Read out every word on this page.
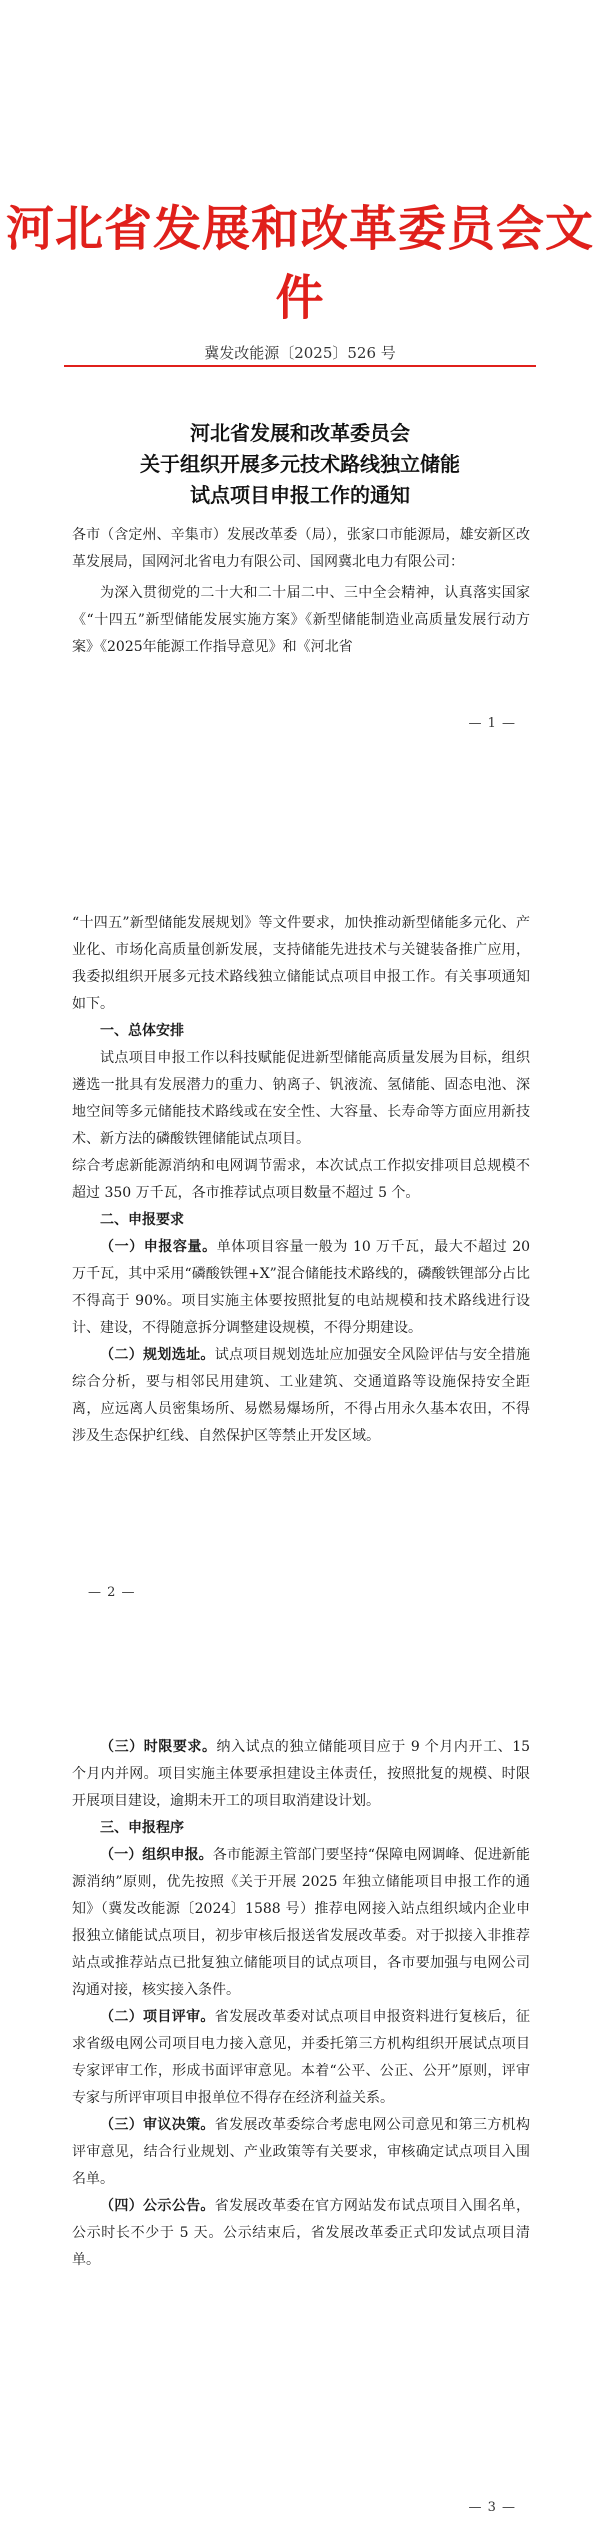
河北省发展和改革委员会文件
冀发改能源〔2025〕526 号
河北省发展和改革委员会
关于组织开展多元技术路线独立储能
试点项目申报工作的通知

各市（含定州、辛集市）发展改革委（局），张家口市能源局，雄安新区改革发展局，国网河北省电力有限公司、国网冀北电力有限公司：

为深入贯彻党的二十大和二十届二中、三中全会精神，认真落实国家《“十四五”新型储能发展实施方案》《新型储能制造业高质量发展行动方案》《2025年能源工作指导意见》和《河北省

— 1 —

“十四五”新型储能发展规划》等文件要求，加快推动新型储能多元化、产业化、市场化高质量创新发展，支持储能先进技术与关键装备推广应用，我委拟组织开展多元技术路线独立储能试点项目申报工作。有关事项通知如下。

一、总体安排

试点项目申报工作以科技赋能促进新型储能高质量发展为目标，组织遴选一批具有发展潜力的重力、钠离子、钒液流、氢储能、固态电池、深地空间等多元储能技术路线或在安全性、大容量、长寿命等方面应用新技术、新方法的磷酸铁锂储能试点项目。

综合考虑新能源消纳和电网调节需求，本次试点工作拟安排项目总规模不超过 350 万千瓦，各市推荐试点项目数量不超过 5 个。

二、申报要求

（一）申报容量。单体项目容量一般为 10 万千瓦，最大不超过 20 万千瓦，其中采用“磷酸铁锂+X”混合储能技术路线的，磷酸铁锂部分占比不得高于 90%。项目实施主体要按照批复的电站规模和技术路线进行设计、建设，不得随意拆分调整建设规模，不得分期建设。

（二）规划选址。试点项目规划选址应加强安全风险评估与安全措施综合分析，要与相邻民用建筑、工业建筑、交通道路等设施保持安全距离，应远离人员密集场所、易燃易爆场所，不得占用永久基本农田，不得涉及生态保护红线、自然保护区等禁止开发区域。

— 2 —

（三）时限要求。纳入试点的独立储能项目应于 9 个月内开工、15 个月内并网。项目实施主体要承担建设主体责任，按照批复的规模、时限开展项目建设，逾期未开工的项目取消建设计划。

三、申报程序

（一）组织申报。各市能源主管部门要坚持“保障电网调峰、促进新能源消纳”原则，优先按照《关于开展 2025 年独立储能项目申报工作的通知》（冀发改能源〔2024〕1588 号）推荐电网接入站点组织域内企业申报独立储能试点项目，初步审核后报送省发展改革委。对于拟接入非推荐站点或推荐站点已批复独立储能项目的试点项目，各市要加强与电网公司沟通对接，核实接入条件。

（二）项目评审。省发展改革委对试点项目申报资料进行复核后，征求省级电网公司项目电力接入意见，并委托第三方机构组织开展试点项目专家评审工作，形成书面评审意见。本着“公平、公正、公开”原则，评审专家与所评审项目申报单位不得存在经济利益关系。

（三）审议决策。省发展改革委综合考虑电网公司意见和第三方机构评审意见，结合行业规划、产业政策等有关要求，审核确定试点项目入围名单。

（四）公示公告。省发展改革委在官方网站发布试点项目入围名单，公示时长不少于 5 天。公示结束后，省发展改革委正式印发试点项目清单。

— 3 —
